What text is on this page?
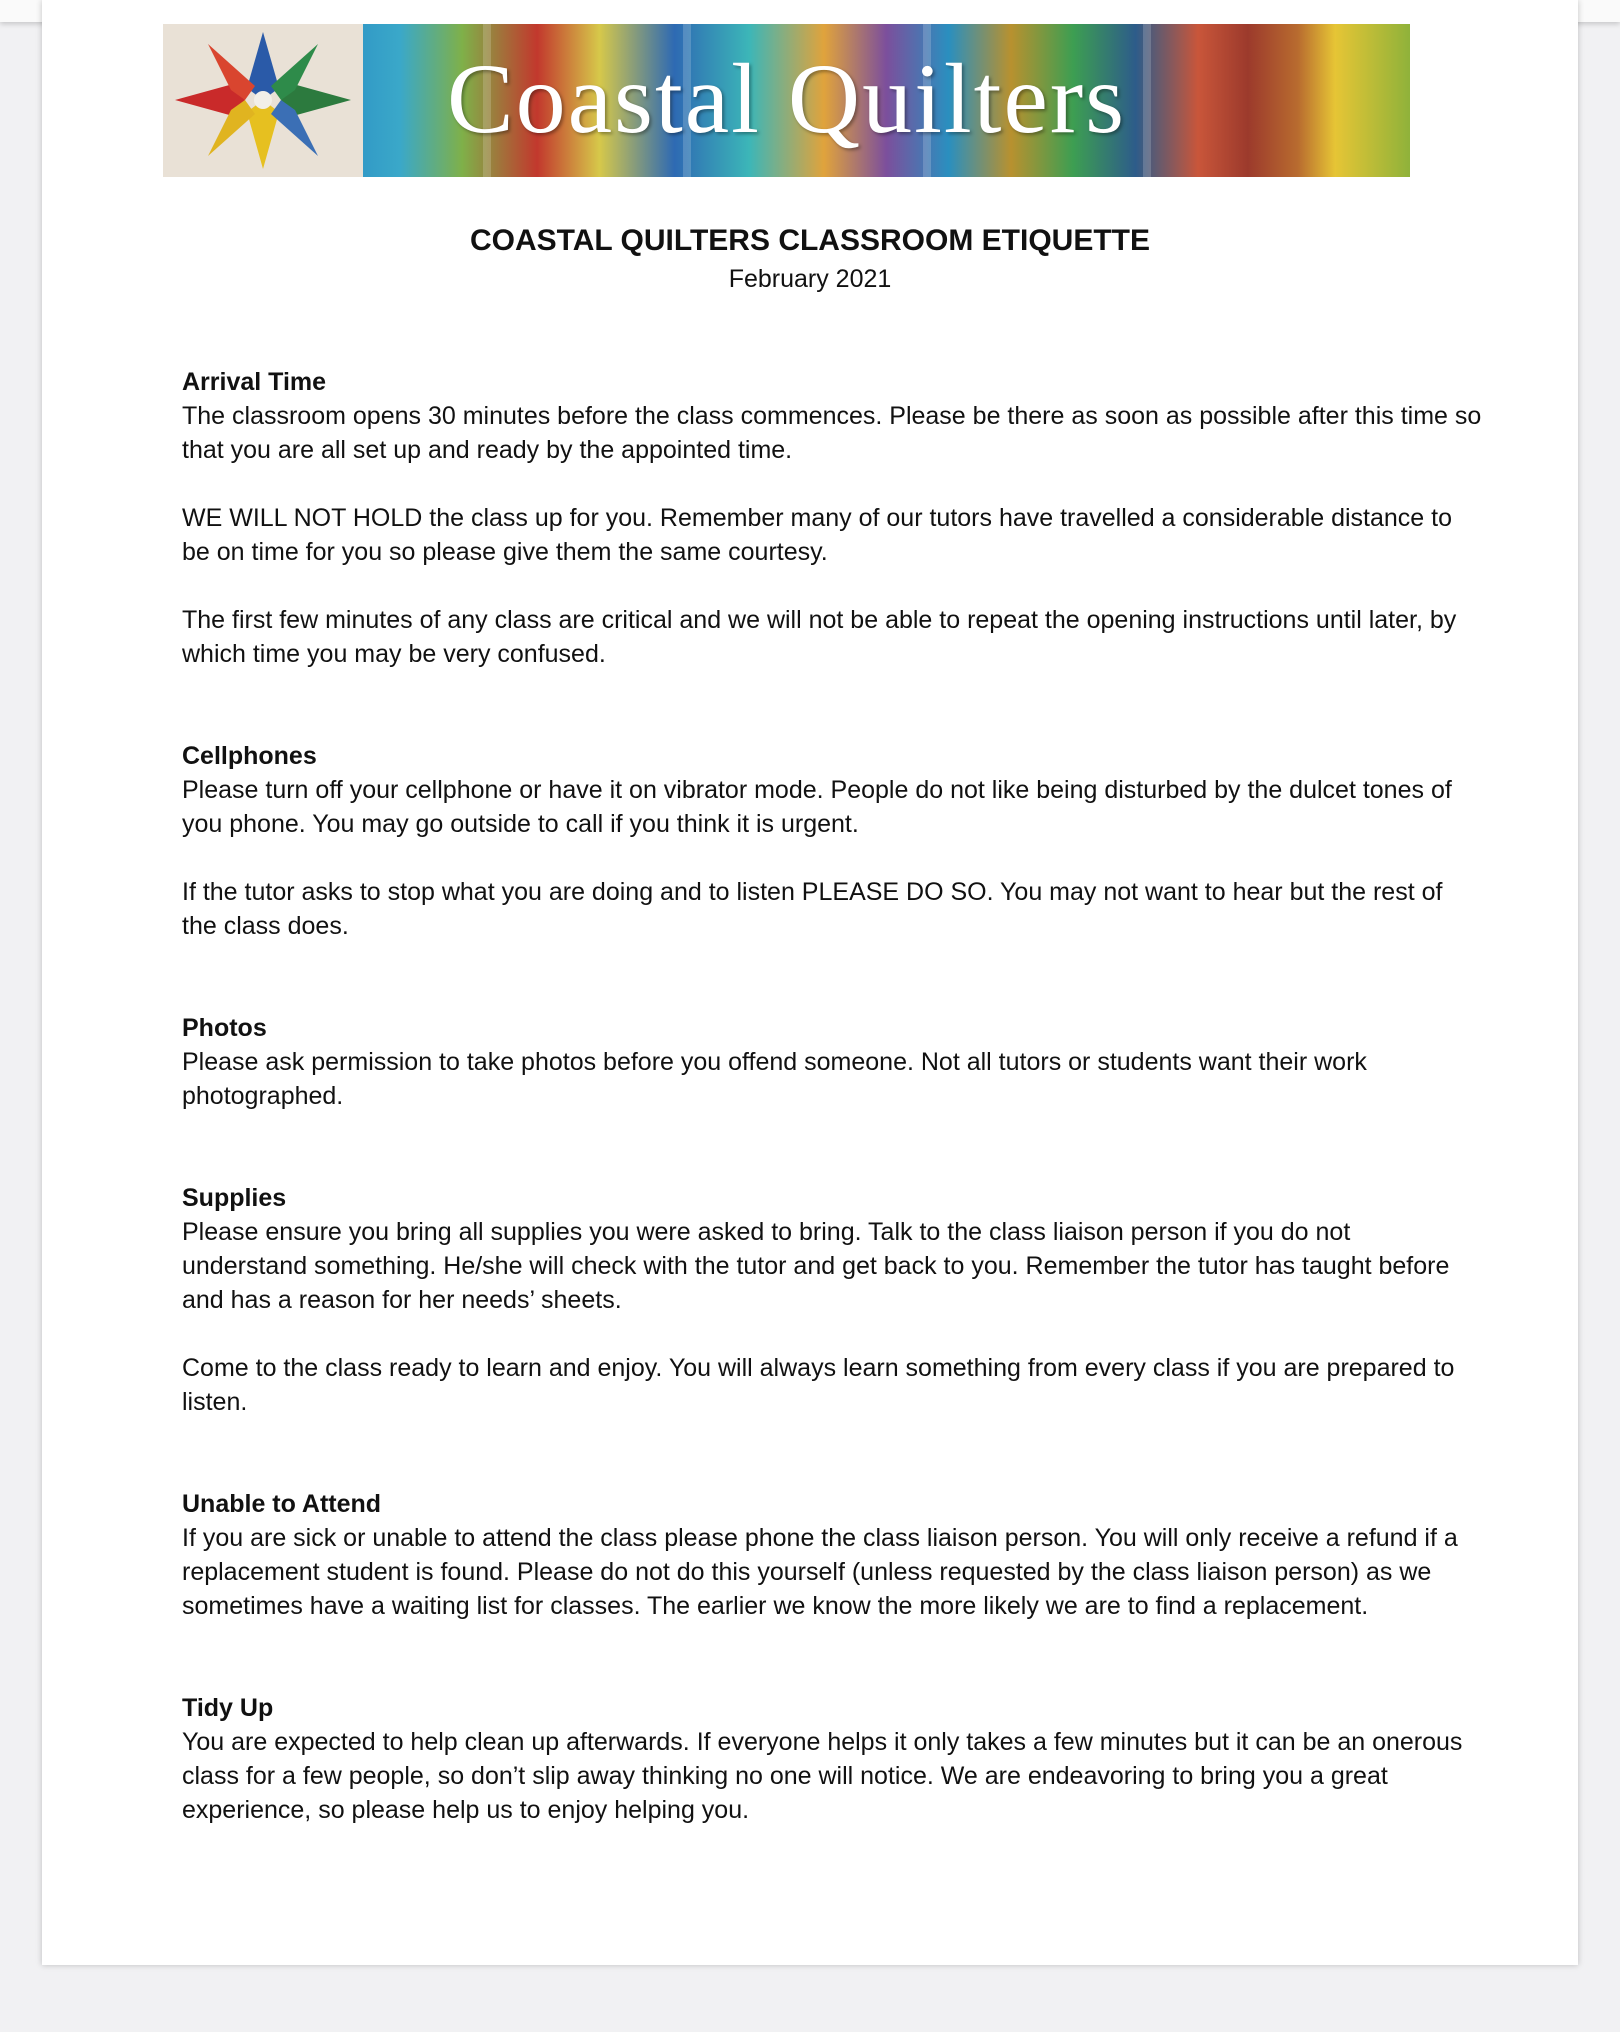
Coastal Quilters
COASTAL QUILTERS CLASSROOM ETIQUETTE
February 2021
Arrival Time

The classroom opens 30 minutes before the class commences. Please be there as soon as possible after this time so that you are all set up and ready by the appointed time.

WE WILL NOT HOLD the class up for you. Remember many of our tutors have travelled a considerable distance to be on time for you so please give them the same courtesy.

The first few minutes of any class are critical and we will not be able to repeat the opening instructions until later, by which time you may be very confused.

Cellphones

Please turn off your cellphone or have it on vibrator mode. People do not like being disturbed by the dulcet tones of you phone. You may go outside to call if you think it is urgent.

If the tutor asks to stop what you are doing and to listen PLEASE DO SO. You may not want to hear but the rest of the class does.

Photos

Please ask permission to take photos before you offend someone. Not all tutors or students want their work photographed.

Supplies

Please ensure you bring all supplies you were asked to bring. Talk to the class liaison person if you do not understand something. He/she will check with the tutor and get back to you. Remember the tutor has taught before and has a reason for her needs’ sheets.

Come to the class ready to learn and enjoy. You will always learn something from every class if you are prepared to listen.

Unable to Attend

If you are sick or unable to attend the class please phone the class liaison person. You will only receive a refund if a replacement student is found. Please do not do this yourself (unless requested by the class liaison person) as we sometimes have a waiting list for classes. The earlier we know the more likely we are to find a replacement.

Tidy Up

You are expected to help clean up afterwards. If everyone helps it only takes a few minutes but it can be an onerous class for a few people, so don’t slip away thinking no one will notice. We are endeavoring to bring you a great experience, so please help us to enjoy helping you.
